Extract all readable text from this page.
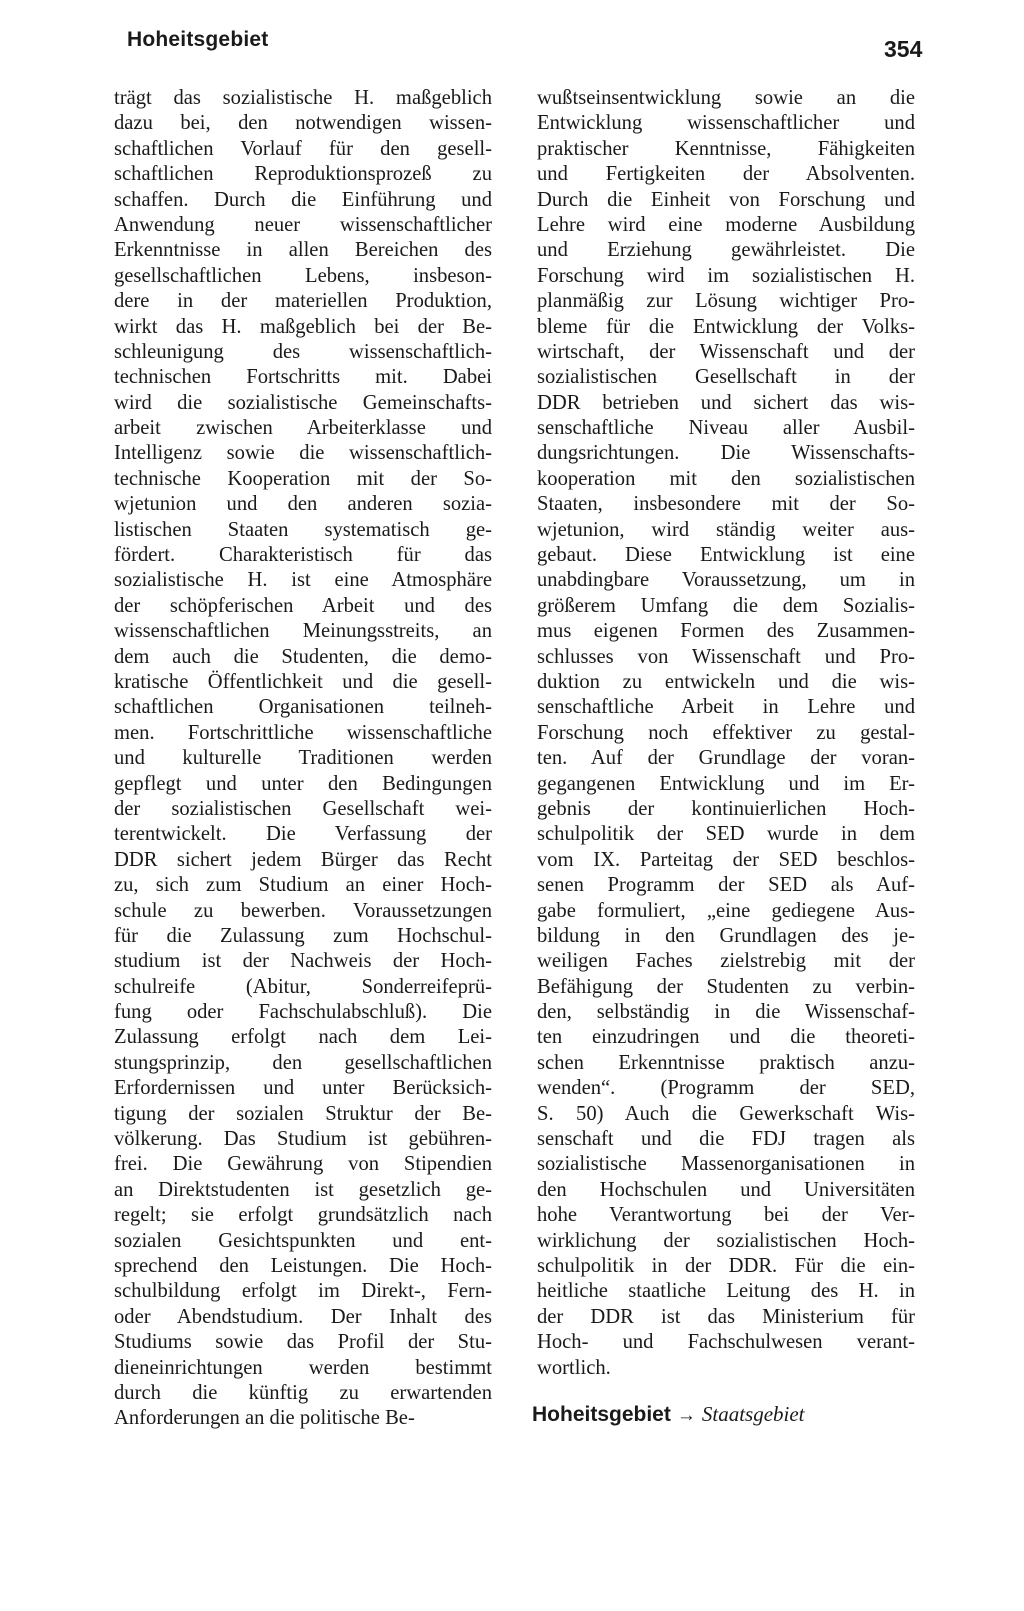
Hoheitsgebiet	354
trägt das sozialistische H. maßgeblich
dazu bei, den notwendigen wissen-
schaftlichen Vorlauf für den gesell-
schaftlichen Reproduktionsprozeß zu
schaffen. Durch die Einführung und
Anwendung neuer wissenschaftlicher
Erkenntnisse in allen Bereichen des
gesellschaftlichen Lebens, insbeson-
dere in der materiellen Produktion,
wirkt das H. maßgeblich bei der Be-
schleunigung des wissenschaftlich-
technischen Fortschritts mit. Dabei
wird die sozialistische Gemeinschafts-
arbeit zwischen Arbeiterklasse und
Intelligenz sowie die wissenschaftlich-
technische Kooperation mit der So-
wjetunion und den anderen sozia-
listischen Staaten systematisch ge-
fördert. Charakteristisch für das
sozialistische H. ist eine Atmosphäre
der schöpferischen Arbeit und des
wissenschaftlichen Meinungsstreits, an
dem auch die Studenten, die demo-
kratische Öffentlichkeit und die gesell-
schaftlichen Organisationen teilneh-
men. Fortschrittliche wissenschaftliche
und kulturelle Traditionen werden
gepflegt und unter den Bedingungen
der sozialistischen Gesellschaft wei-
terentwickelt. Die Verfassung der
DDR sichert jedem Bürger das Recht
zu, sich zum Studium an einer Hoch-
schule zu bewerben. Voraussetzungen
für die Zulassung zum Hochschul-
studium ist der Nachweis der Hoch-
schulreife (Abitur, Sonderreifeprü-
fung oder Fachschulabschluß). Die
Zulassung erfolgt nach dem Lei-
stungsprinzip, den gesellschaftlichen
Erfordernissen und unter Berücksich-
tigung der sozialen Struktur der Be-
völkerung. Das Studium ist gebühren-
frei. Die Gewährung von Stipendien
an Direktstudenten ist gesetzlich ge-
regelt; sie erfolgt grundsätzlich nach
sozialen Gesichtspunkten und ent-
sprechend den Leistungen. Die Hoch-
schulbildung erfolgt im Direkt-, Fern-
oder Abendstudium. Der Inhalt des
Studiums sowie das Profil der Stu-
dieneinrichtungen werden bestimmt
durch die künftig zu erwartenden
Anforderungen an die politische Be-
wußtseinsentwicklung sowie an die
Entwicklung wissenschaftlicher und
praktischer Kenntnisse, Fähigkeiten
und Fertigkeiten der Absolventen.
Durch die Einheit von Forschung und
Lehre wird eine moderne Ausbildung
und Erziehung gewährleistet. Die
Forschung wird im sozialistischen H.
planmäßig zur Lösung wichtiger Pro-
bleme für die Entwicklung der Volks-
wirtschaft, der Wissenschaft und der
sozialistischen Gesellschaft in der
DDR betrieben und sichert das wis-
senschaftliche Niveau aller Ausbil-
dungsrichtungen. Die Wissenschafts-
kooperation mit den sozialistischen
Staaten, insbesondere mit der So-
wjetunion, wird ständig weiter aus-
gebaut. Diese Entwicklung ist eine
unabdingbare Voraussetzung, um in
größerem Umfang die dem Sozialis-
mus eigenen Formen des Zusammen-
schlusses von Wissenschaft und Pro-
duktion zu entwickeln und die wis-
senschaftliche Arbeit in Lehre und
Forschung noch effektiver zu gestal-
ten. Auf der Grundlage der voran-
gegangenen Entwicklung und im Er-
gebnis der kontinuierlichen Hoch-
schulpolitik der SED wurde in dem
vom IX. Parteitag der SED beschlos-
senen Programm der SED als Auf-
gabe formuliert, „eine gediegene Aus-
bildung in den Grundlagen des je-
weiligen Faches zielstrebig mit der
Befähigung der Studenten zu verbin-
den, selbständig in die Wissenschaf-
ten einzudringen und die theoreti-
schen Erkenntnisse praktisch anzu-
wenden“. (Programm der SED,
S. 50) Auch die Gewerkschaft Wis-
senschaft und die FDJ tragen als
sozialistische Massenorganisationen in
den Hochschulen und Universitäten
hohe Verantwortung bei der Ver-
wirklichung der sozialistischen Hoch-
schulpolitik in der DDR. Für die ein-
heitliche staatliche Leitung des H. in
der DDR ist das Ministerium für
Hoch- und Fachschulwesen verant-
wortlich.
Hoheitsgebiet → Staatsgebiet
